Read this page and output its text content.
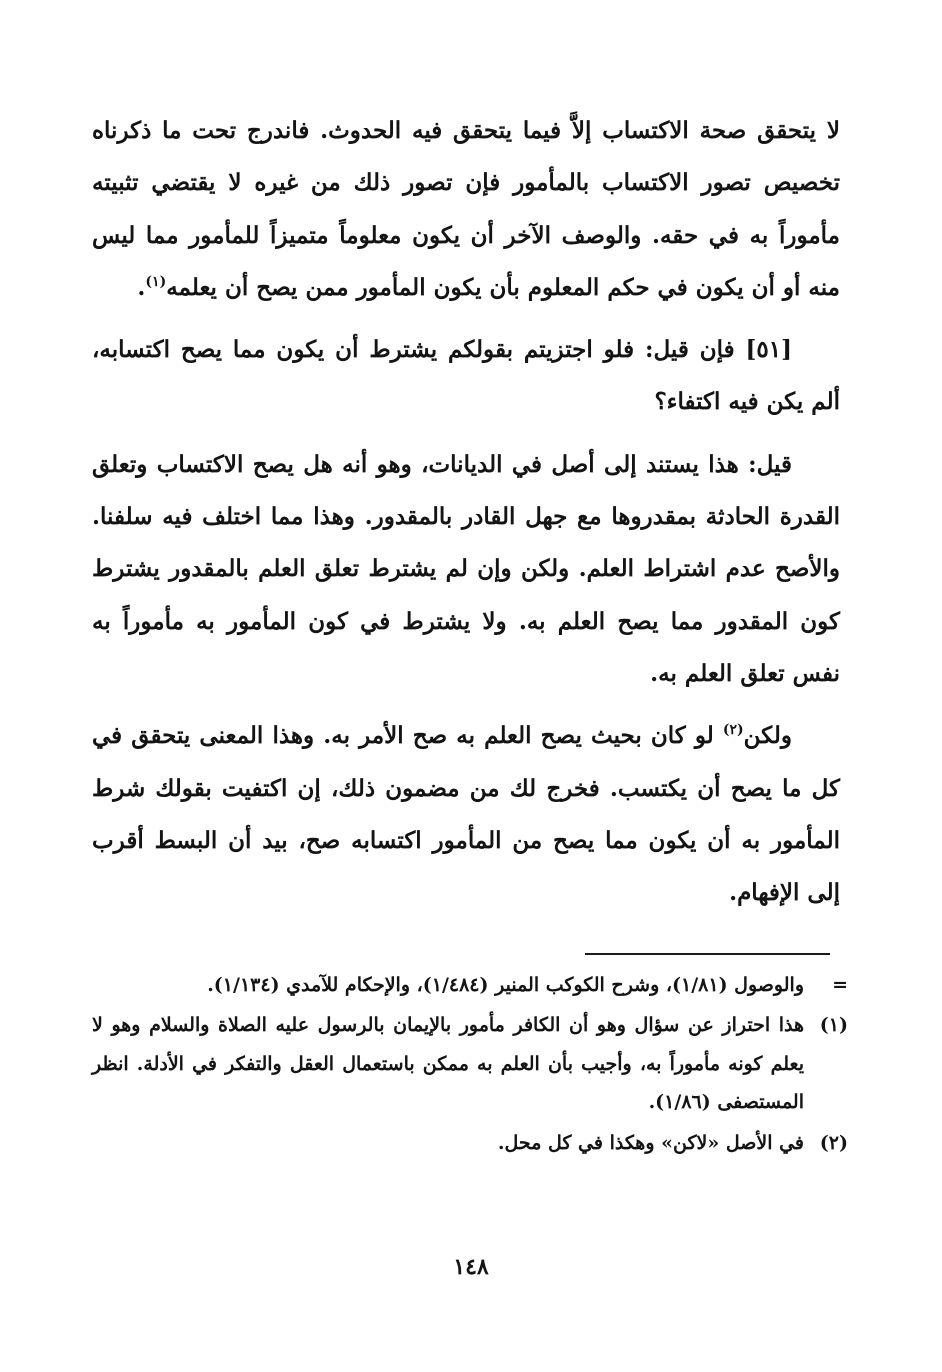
لا يتحقق صحة الاكتساب إلاَّ فيما يتحقق فيه الحدوث. فاندرج تحت ما ذكرناه تخصيص تصور الاكتساب بالمأمور فإن تصور ذلك من غيره لا يقتضي تثبيته مأموراً به في حقه. والوصف الآخر أن يكون معلوماً متميزاً للمأمور مما ليس منه أو أن يكون في حكم المعلوم بأن يكون المأمور ممن يصح أن يعلمه$^{(١)}$.

[٥١] فإن قيل: فلو اجتزيتم بقولكم يشترط أن يكون مما يصح اكتسابه، ألم يكن فيه اكتفاء؟

قيل: هذا يستند إلى أصل في الديانات، وهو أنه هل يصح الاكتساب وتعلق القدرة الحادثة بمقدروها مع جهل القادر بالمقدور. وهذا مما اختلف فيه سلفنا. والأصح عدم اشتراط العلم. ولكن وإن لم يشترط تعلق العلم بالمقدور يشترط كون المقدور مما يصح العلم به. ولا يشترط في كون المأمور به مأموراً به نفس تعلق العلم به.

ولكن$^{(٢)}$ لو كان بحيث يصح العلم به صح الأمر به. وهذا المعنى يتحقق في كل ما يصح أن يكتسب. فخرج لك من مضمون ذلك، إن اكتفيت بقولك شرط المأمور به أن يكون مما يصح من المأمور اكتسابه صح، بيد أن البسط أقرب إلى الإفهام.

=
والوصول (١/٨١)، وشرح الكوكب المنير (١/٤٨٤)، والإحكام للآمدي (١/١٣٤).
(١)
هذا احتراز عن سؤال وهو أن الكافر مأمور بالإيمان بالرسول عليه الصلاة والسلام وهو لا يعلم كونه مأموراً به، وأجيب بأن العلم به ممكن باستعمال العقل والتفكر في الأدلة. انظر المستصفى (١/٨٦).
(٢)
في الأصل «لاكن» وهكذا في كل محل.
١٤٨
